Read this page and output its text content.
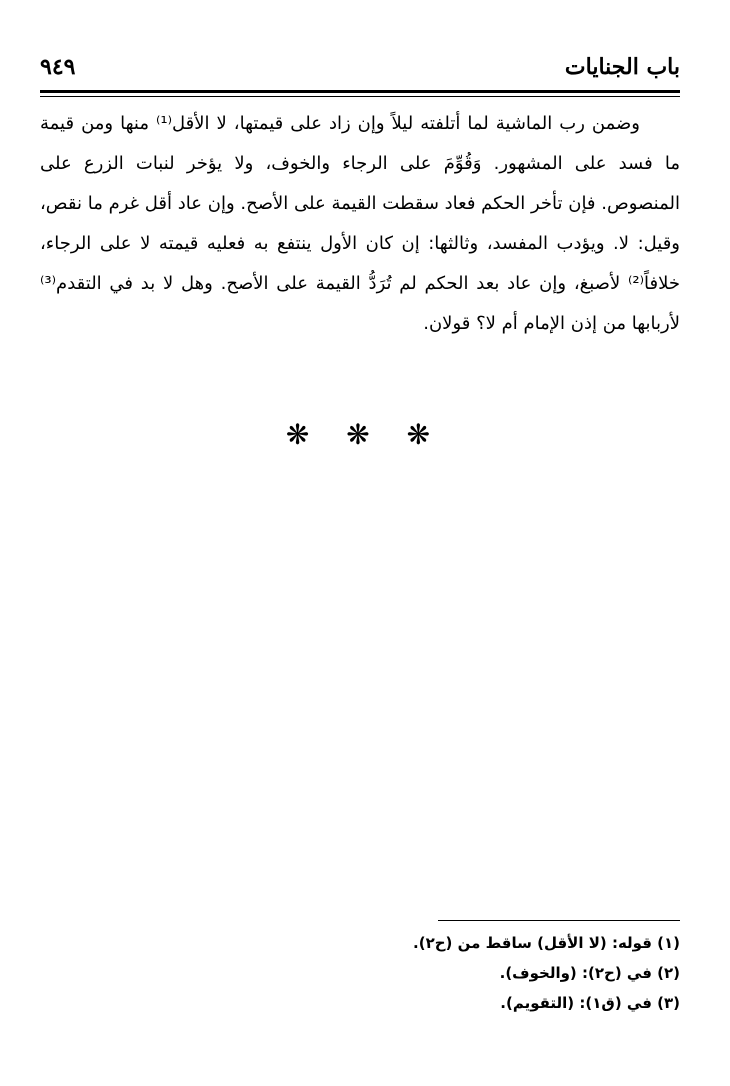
باب الجنايات
٩٤٩

وضمن رب الماشية لما أتلفته ليلاً وإن زاد على قيمتها، لا الأقل⁽¹⁾ منها ومن قيمة ما فسد على المشهور. وَقُوِّمَ على الرجاء والخوف، ولا يؤخر لنبات الزرع على المنصوص. فإن تأخر الحكم فعاد سقطت القيمة على الأصح. وإن عاد أقل غرم ما نقص، وقيل: لا. ويؤدب المفسد، وثالثها: إن كان الأول ينتفع به فعليه قيمته لا على الرجاء، خلافاً⁽²⁾ لأصبغ، وإن عاد بعد الحكم لم تُرَدُّ القيمة على الأصح. وهل لا بد في التقدم⁽³⁾ لأربابها من إذن الإمام أم لا؟ قولان.

❋ ❋ ❋
(١) قوله: (لا الأقل) ساقط من (ح٢).
(٢) في (ح٢): (والخوف).
(٣) في (ق١): (التقويم).
